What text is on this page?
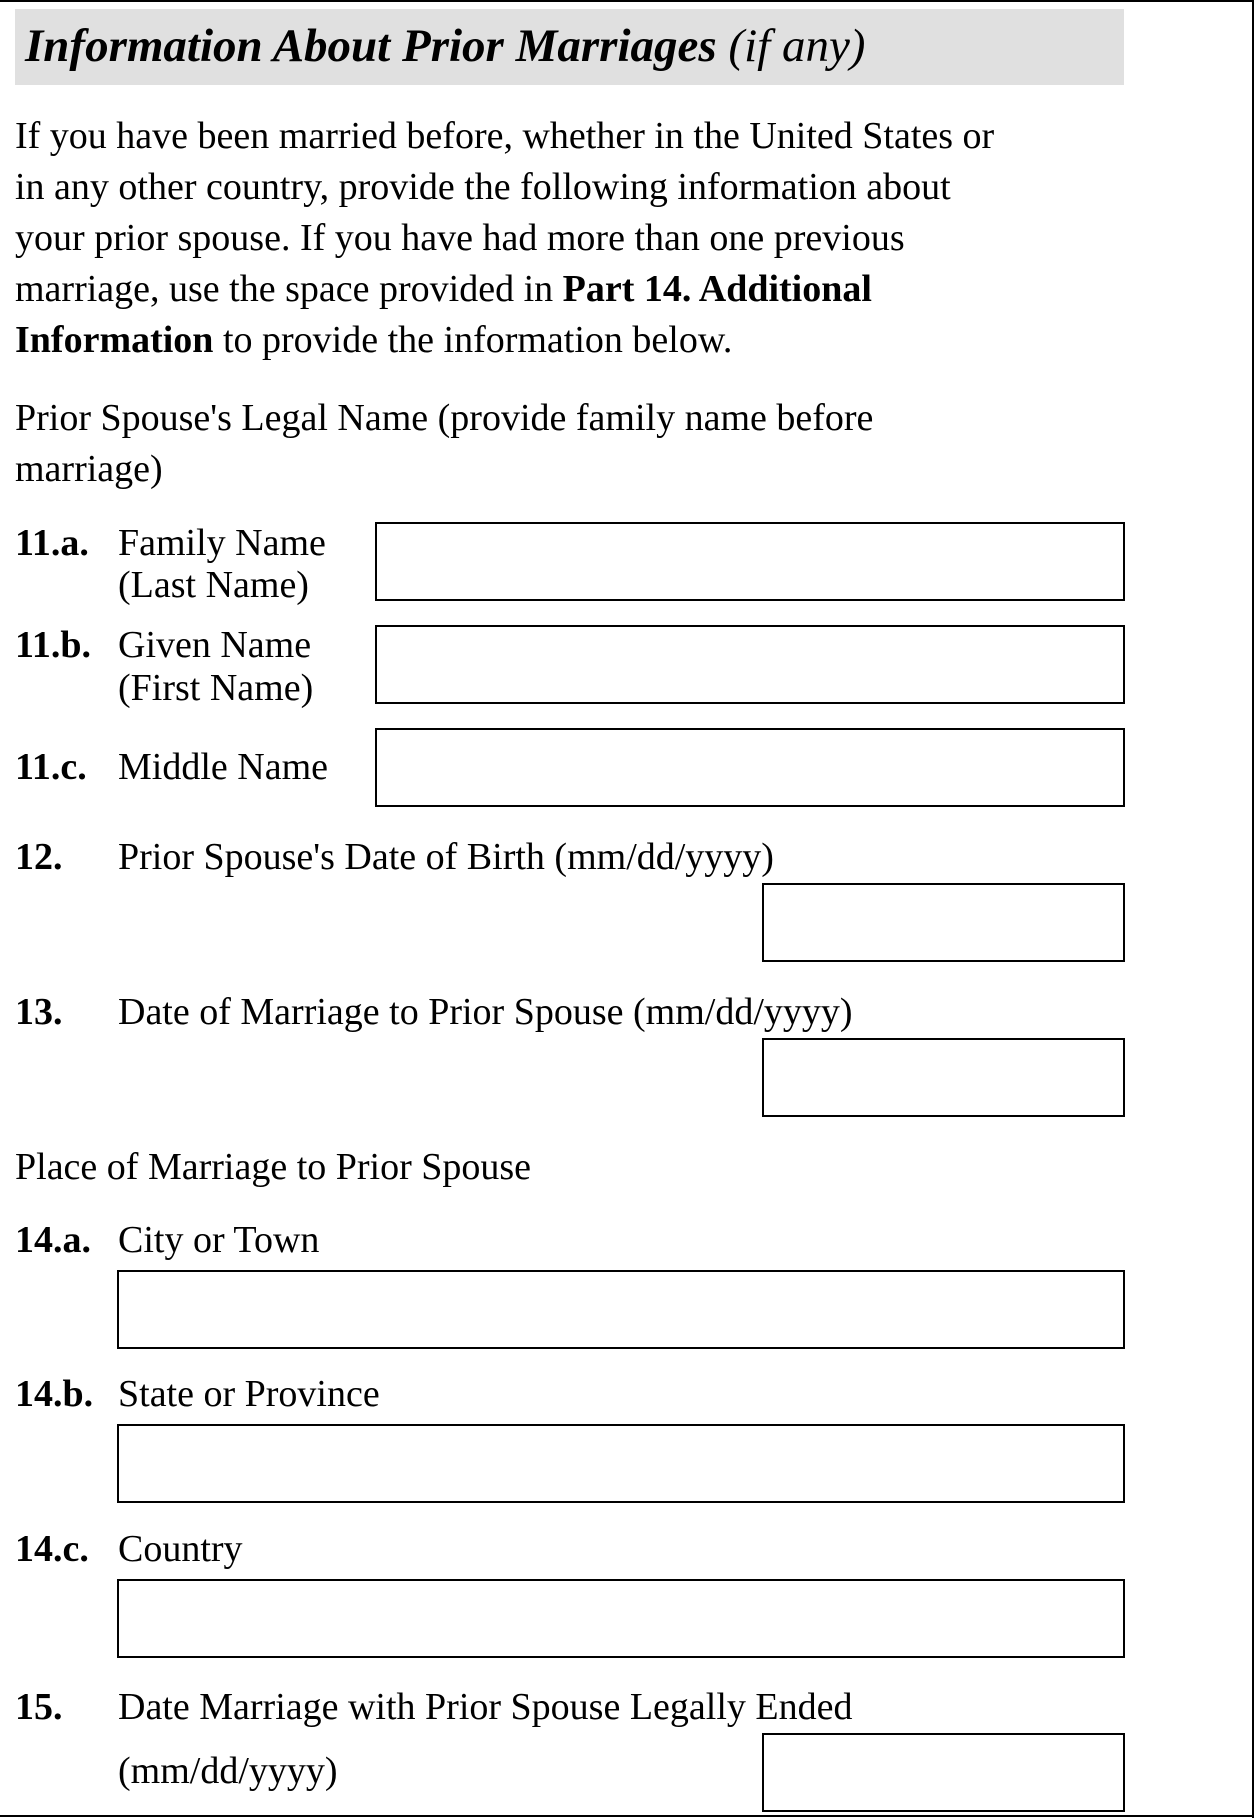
Information About Prior Marriages (if any)
If you have been married before, whether in the United States or
in any other country, provide the following information about
your prior spouse. If you have had more than one previous
marriage, use the space provided in Part 14. Additional
Information to provide the information below.
Prior Spouse's Legal Name (provide family name before
marriage)
11.a. Family Name
(Last Name)
11.b. Given Name
(First Name)
11.c. Middle Name
12. Prior Spouse's Date of Birth (mm/dd/yyyy)
13. Date of Marriage to Prior Spouse (mm/dd/yyyy)
Place of Marriage to Prior Spouse
14.a. City or Town
14.b. State or Province
14.c. Country
15. Date Marriage with Prior Spouse Legally Ended
(mm/dd/yyyy)
